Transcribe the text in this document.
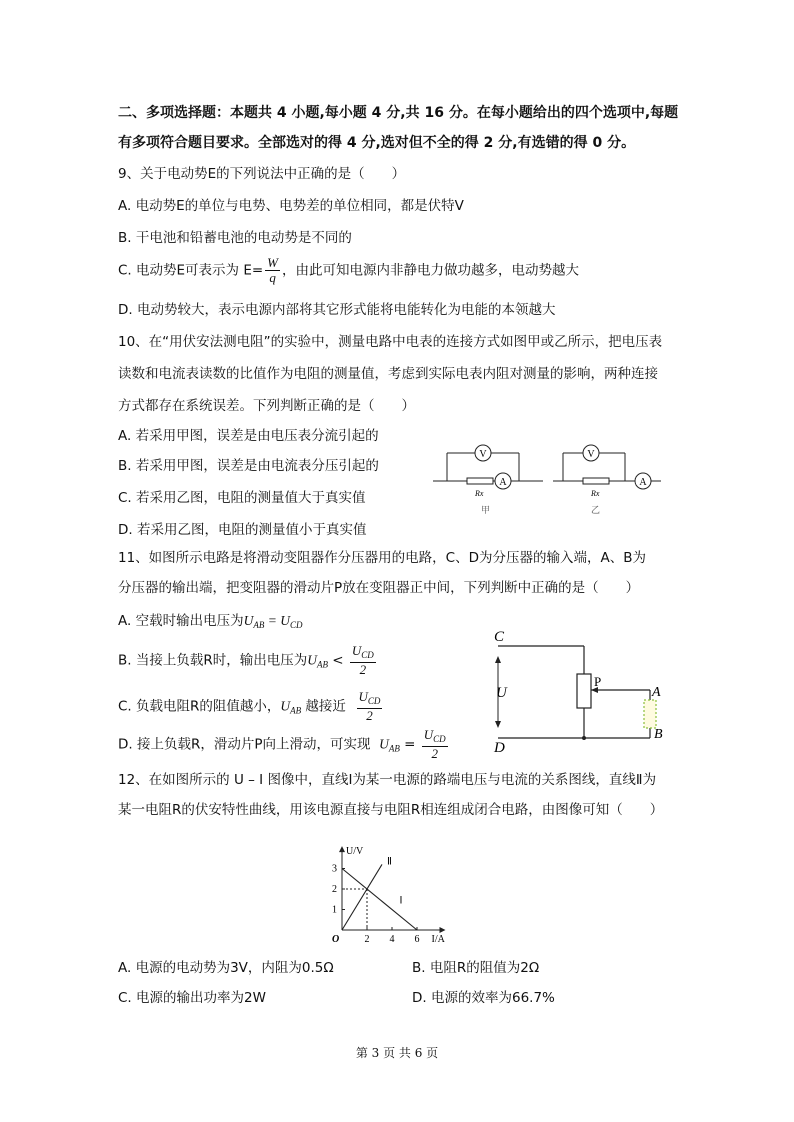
二、多项选择题：本题共 4 小题,每小题 4 分,共 16 分。在每小题给出的四个选项中,每题
有多项符合题目要求。全部选对的得 4 分,选对但不全的得 2 分,有选错的得 0 分。
9、关于电动势E的下列说法中正确的是（　　）
A. 电动势E的单位与电势、电势差的单位相同，都是伏特V
B. 干电池和铅蓄电池的电动势是不同的
C. 电动势E可表示为 $E= \frac{W}{q}$ ，由此可知电源内非静电力做功越多，电动势越大
D. 电动势较大，表示电源内部将其它形式能将电能转化为电能的本领越大
10、在“用伏安法测电阻”的实验中，测量电路中电表的连接方式如图甲或乙所示，把电压表
读数和电流表读数的比值作为电阻的测量值，考虑到实际电表内阻对测量的影响，两种连接
方式都存在系统误差。下列判断正确的是（　　）
A. 若采用甲图，误差是由电压表分流引起的
B. 若采用甲图，误差是由电流表分压引起的
C. 若采用乙图，电阻的测量值大于真实值
D. 若采用乙图，电阻的测量值小于真实值
V
A
Rx
甲
V
A
Rx
乙
11、如图所示电路是将滑动变阻器作分压器用的电路，C、D为分压器的输入端，A、B为
分压器的输出端，把变阻器的滑动片P放在变阻器正中间，下列判断中正确的是（　　）
A. 空载时输出电压为$U_{AB} = U_{CD}$
B. 当接上负载R时，输出电压为$U_{AB} < \frac{U_{CD}}{2}$
C. 负载电阻R的阻值越小，$U_{AB}$ 越接近 $\frac{U_{CD}}{2}$
D. 接上负载R，滑动片P向上滑动，可实现 $U_{AB} = \frac{U_{CD}}{2}$
C
D
U
P
A
B
12、在如图所示的 U – I 图像中，直线Ⅰ为某一电源的路端电压与电流的关系图线，直线Ⅱ为
某一电阻R的伏安特性曲线，用该电源直接与电阻R相连组成闭合电路，由图像可知（　　）
Ⅰ
Ⅱ
U/V
I/A
O	2 4 6
1
2
3
A. 电源的电动势为3V，内阻为0.5Ω	B. 电阻R的阻值为2Ω
C. 电源的输出功率为2W	D. 电源的效率为66.7%
第 3 页 共 6 页
